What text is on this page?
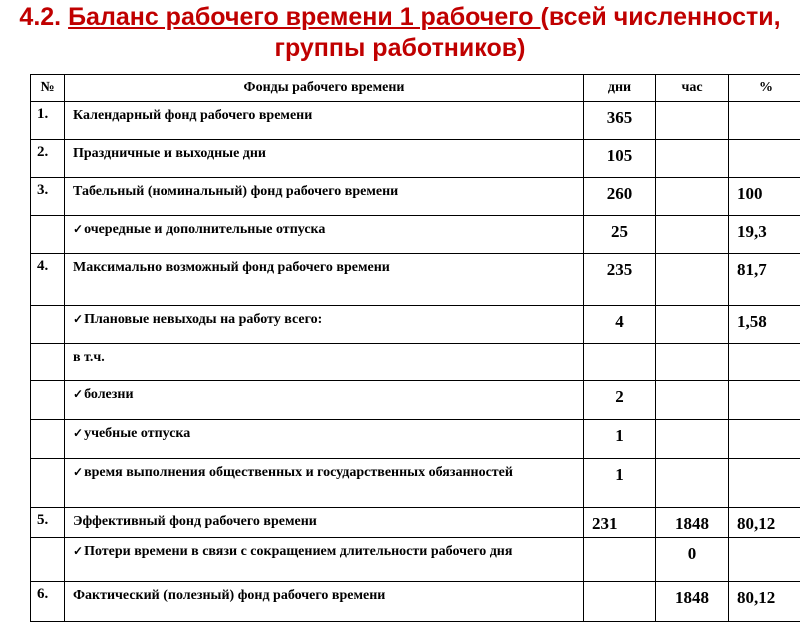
4.2. Баланс рабочего времени 1 рабочего (всей численности, группы работников)
№	Фонды рабочего времени	дни	час	%
1.	Календарный фонд рабочего времени	365		
2.	Праздничные и выходные дни	105		
3.	Табельный (номинальный) фонд рабочего времени	260		100
	✓очередные и дополнительные отпуска	25		19,3
4.	Максимально возможный фонд рабочего времени	235		81,7
	✓Плановые невыходы на работу всего:	4		1,58
	в т.ч.			
	✓болезни	2		
	✓учебные отпуска	1		
	✓время выполнения общественных и государственных обязанностей	1		
5.	Эффективный фонд рабочего времени	231	1848	80,12
	✓Потери времени в связи с сокращением длительности рабочего дня		0	
6.	Фактический (полезный) фонд рабочего времени		1848	80,12
